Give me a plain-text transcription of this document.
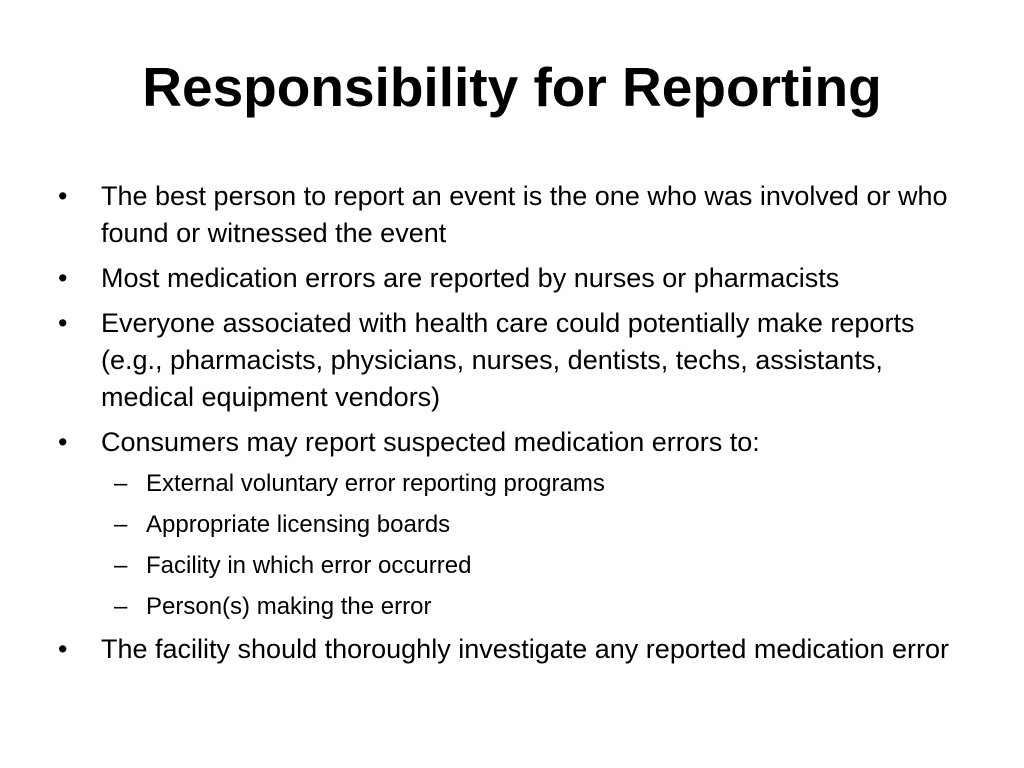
Responsibility for Reporting
•	The best person to report an event is the one who was involved or who found or witnessed the event
•	Most medication errors are reported by nurses or pharmacists
•	Everyone associated with health care could potentially make reports (e.g., pharmacists, physicians, nurses, dentists, techs, assistants, medical equipment vendors)
•	Consumers may report suspected medication errors to:
– External voluntary error reporting programs
– Appropriate licensing boards
– Facility in which error occurred
– Person(s) making the error
•	The facility should thoroughly investigate any reported medication error
